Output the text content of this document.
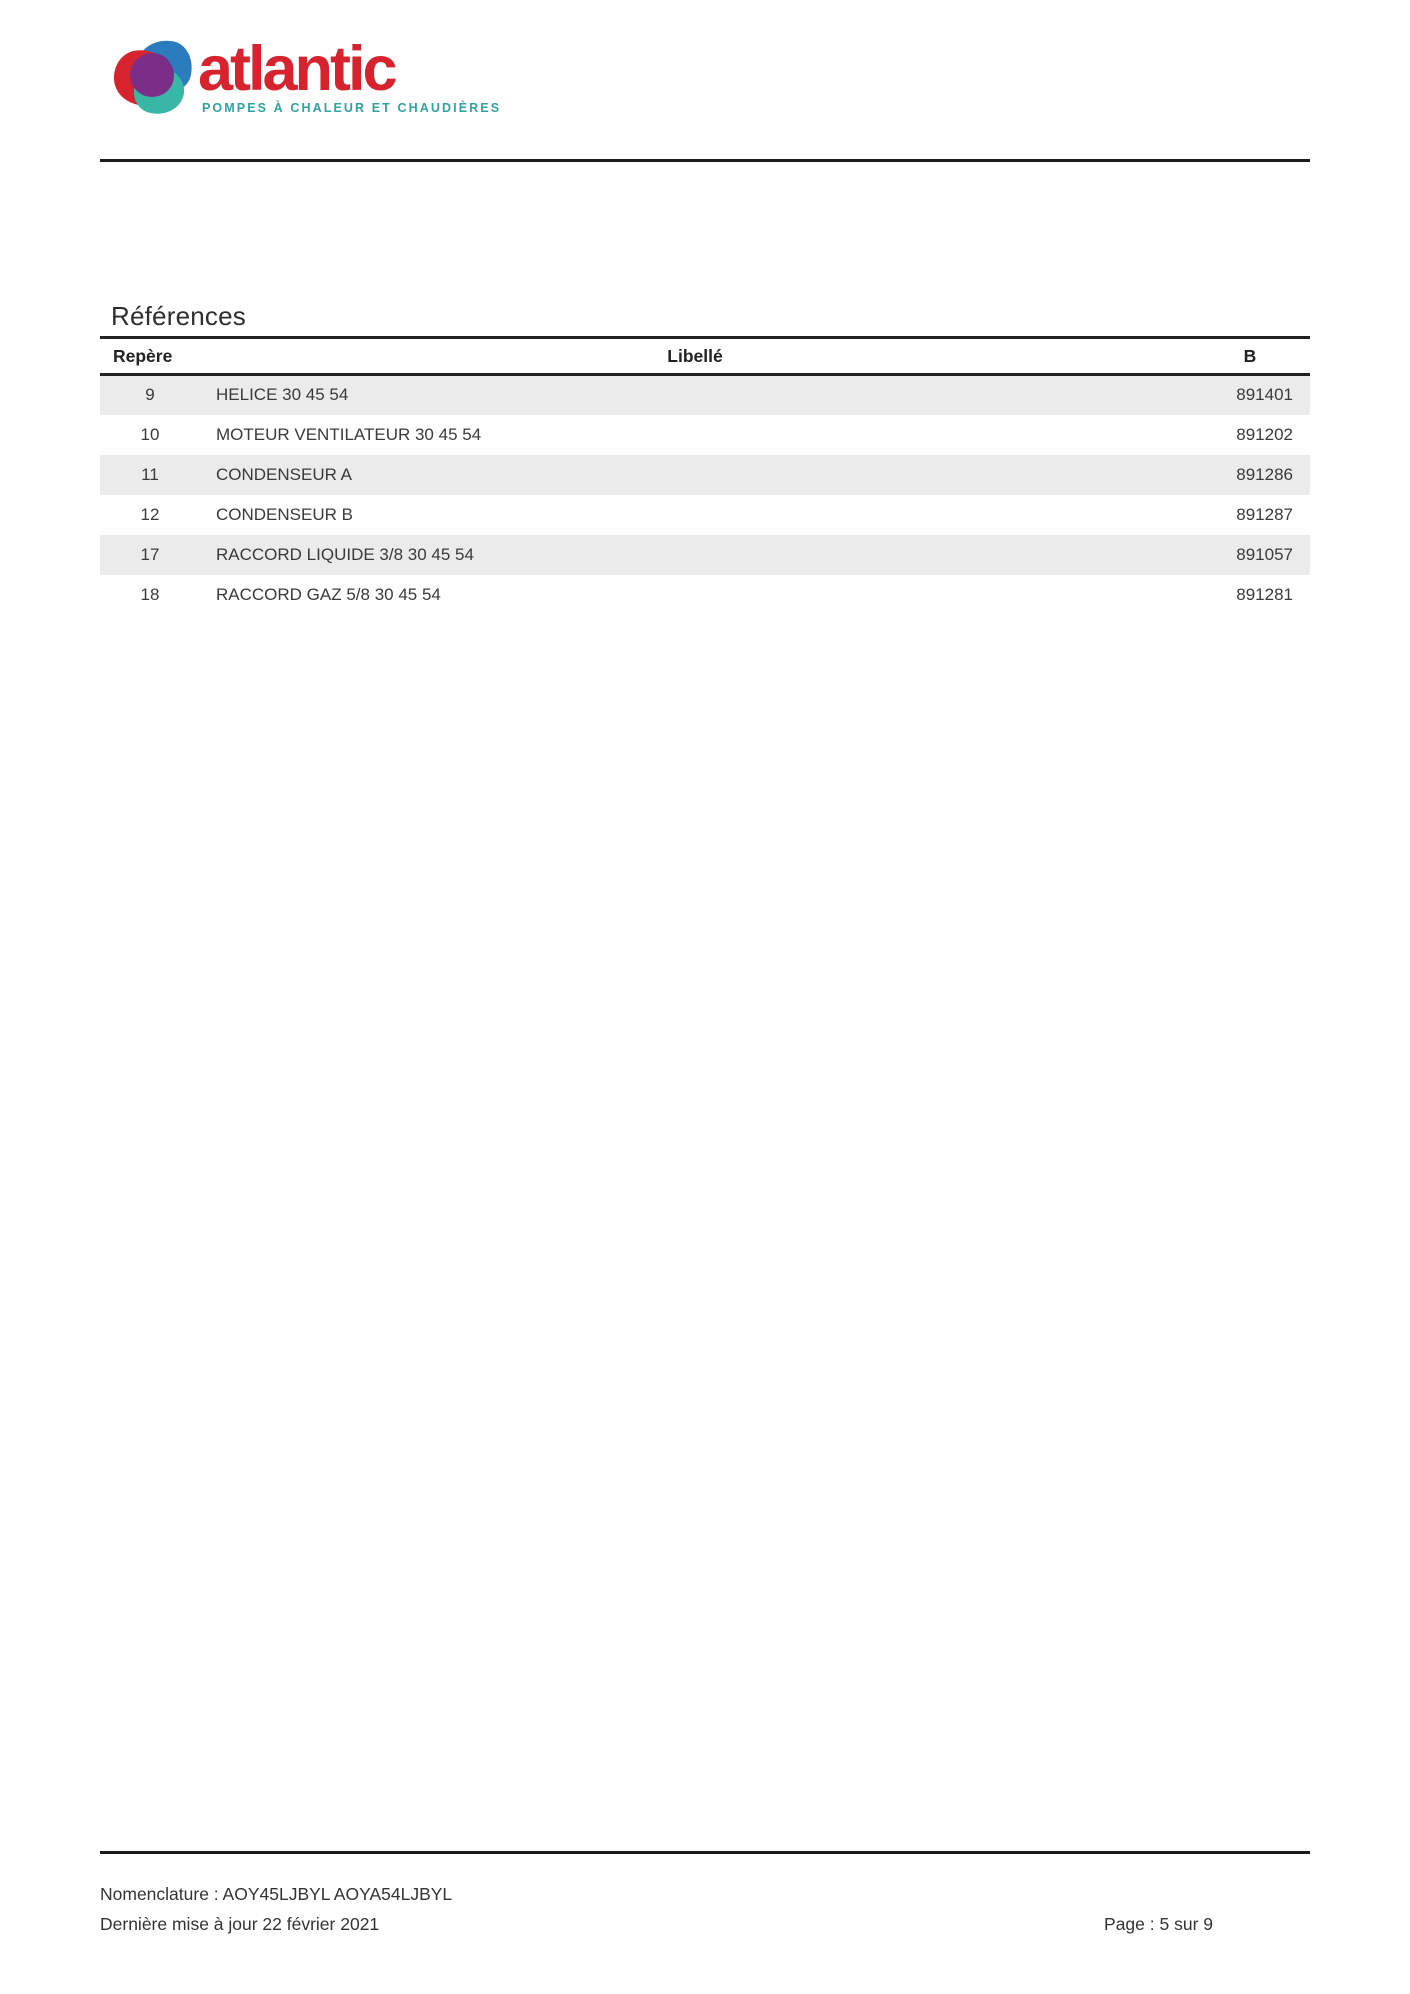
atlantic
POMPES À CHALEUR ET CHAUDIÈRES
Références
Repère	Libellé	B
9	HELICE 30 45 54	891401
10	MOTEUR VENTILATEUR 30 45 54	891202
11	CONDENSEUR A	891286
12	CONDENSEUR B	891287
17	RACCORD LIQUIDE 3/8 30 45 54	891057
18	RACCORD GAZ 5/8 30 45 54	891281
Nomenclature : AOY45LJBYL AOYA54LJBYL
Dernière mise à jour 22 février 2021	Page : 5 sur 9
